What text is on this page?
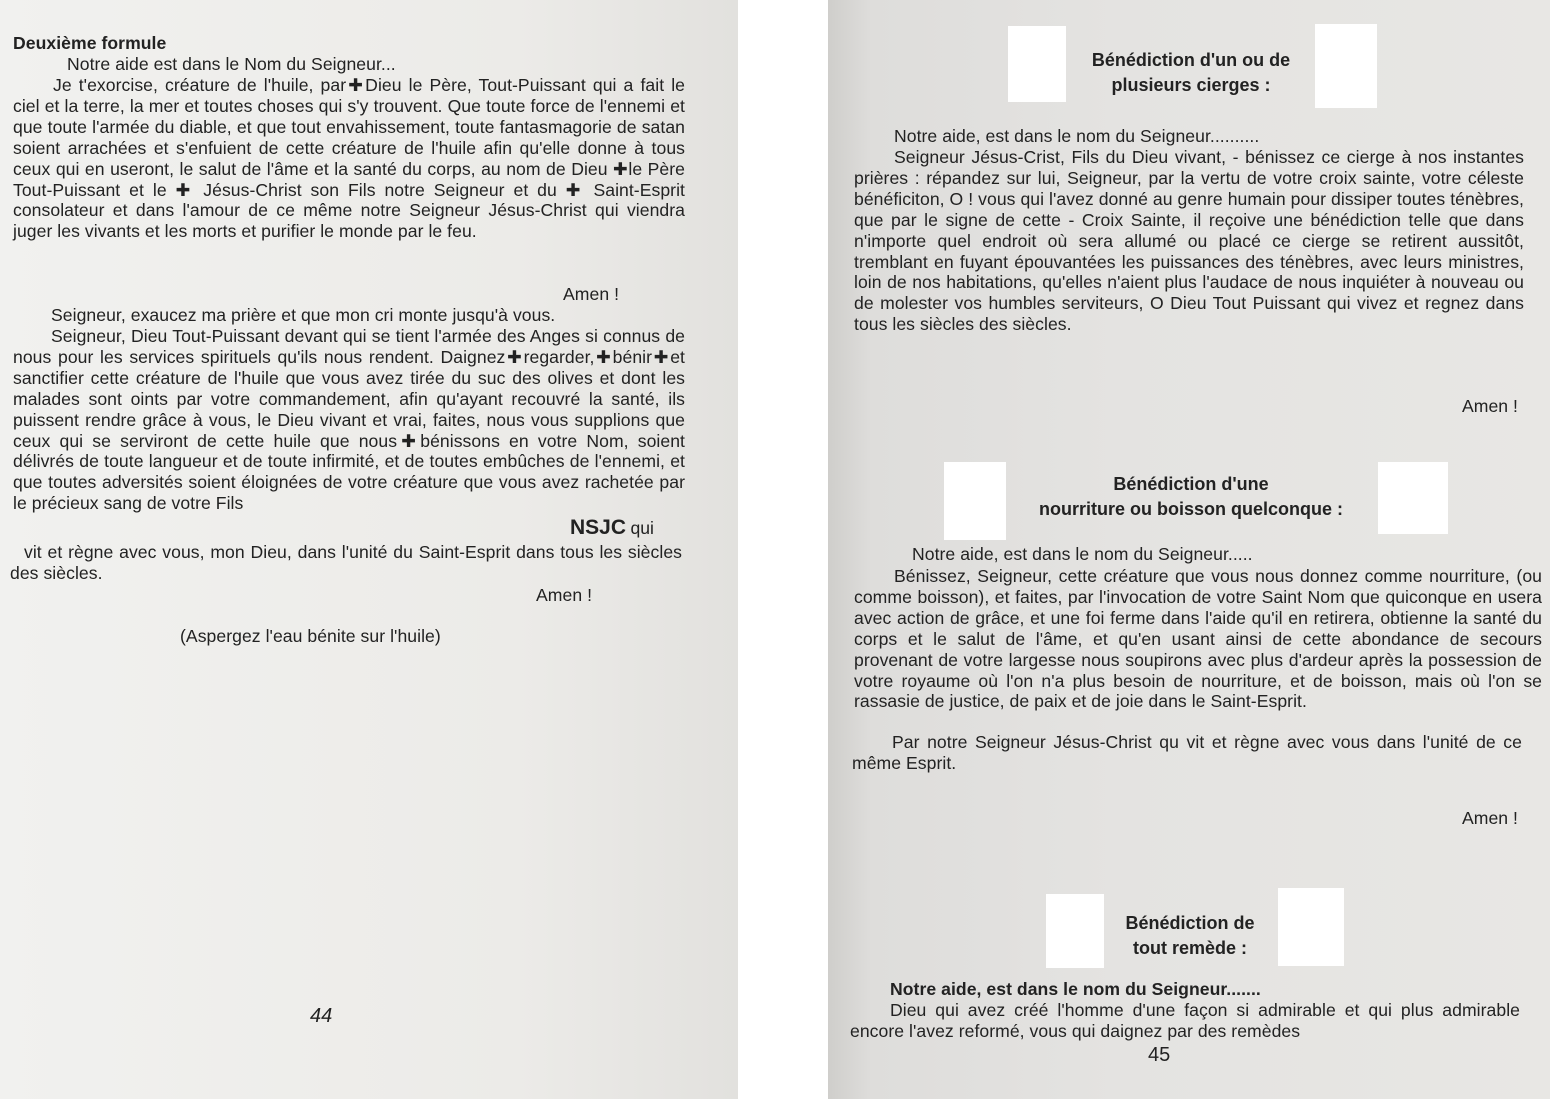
Deuxième formule
Notre aide est dans le Nom du Seigneur...
Je t'exorcise, créature de l'huile, par✚Dieu le Père, Tout-Puissant qui a fait le ciel et la terre, la mer et toutes choses qui s'y trouvent. Que toute force de l'ennemi et que toute l'armée du diable, et que tout envahissement, toute fantasmagorie de satan soient arrachées et s'enfuient de cette créature de l'huile afin qu'elle donne à tous ceux qui en useront, le salut de l'âme et la santé du corps, au nom de Dieu ✚le Père Tout-Puissant et le ✚ Jésus-Christ son Fils notre Seigneur et du ✚ Saint-Esprit consolateur et dans l'amour de ce même notre Seigneur Jésus-Christ qui viendra juger les vivants et les morts et purifier le monde par le feu.
Amen !
Seigneur, exaucez ma prière et que mon cri monte jusqu'à vous.
Seigneur, Dieu Tout-Puissant devant qui se tient l'armée des Anges si connus de nous pour les services spirituels qu'ils nous rendent. Daignez✚regarder,✚bénir✚et sanctifier cette créature de l'huile que vous avez tirée du suc des olives et dont les malades sont oints par votre commandement, afin qu'ayant recouvré la santé, ils puissent rendre grâce à vous, le Dieu vivant et vrai, faites, nous vous supplions que ceux qui se serviront de cette huile que nous✚bénissons en votre Nom, soient délivrés de toute langueur et de toute infirmité, et de toutes embûches de l'ennemi, et que toutes adversités soient éloignées de votre créature que vous avez rachetée par le précieux sang de votre Fils
NSJC qui
vit et règne avec vous, mon Dieu, dans l'unité du Saint-Esprit dans tous les siècles des siècles.
Amen !
(Aspergez l'eau bénite sur l'huile)
44
Bénédiction d'un ou de
plusieurs cierges :
Notre aide, est dans le nom du Seigneur..........
Seigneur Jésus-Crist, Fils du Dieu vivant, - bénissez ce cierge à nos instantes prières : répandez sur lui, Seigneur, par la vertu de votre croix sainte, votre céleste bénéficiton, O ! vous qui l'avez donné au genre humain pour dissiper toutes ténèbres, que par le signe de cette - Croix Sainte, il reçoive une bénédiction telle que dans n'importe quel endroit où sera allumé ou placé ce cierge se retirent aussitôt, tremblant en fuyant épouvantées les puissances des ténèbres, avec leurs ministres, loin de nos habitations, qu'elles n'aient plus l'audace de nous inquiéter à nouveau ou de molester vos humbles serviteurs, O Dieu Tout Puissant qui vivez et regnez dans tous les siècles des siècles.
Amen !
Bénédiction d'une
nourriture ou boisson quelconque :
Notre aide, est dans le nom du Seigneur.....
Bénissez, Seigneur, cette créature que vous nous donnez comme nourriture, (ou comme boisson), et faites, par l'invocation de votre Saint Nom que quiconque en usera avec action de grâce, et une foi ferme dans l'aide qu'il en retirera, obtienne la santé du corps et le salut de l'âme, et qu'en usant ainsi de cette abondance de secours provenant de votre largesse nous soupirons avec plus d'ardeur après la possession de votre royaume où l'on n'a plus besoin de nourriture, et de boisson, mais où l'on se rassasie de justice, de paix et de joie dans le Saint-Esprit.
Par notre Seigneur Jésus-Christ qu vit et règne avec vous dans l'unité de ce même Esprit.
Amen !
Bénédiction de
tout remède :
Notre aide, est dans le nom du Seigneur.......
Dieu qui avez créé l'homme d'une façon si admirable et qui plus admirable encore l'avez reformé, vous qui daignez par des remèdes
45
